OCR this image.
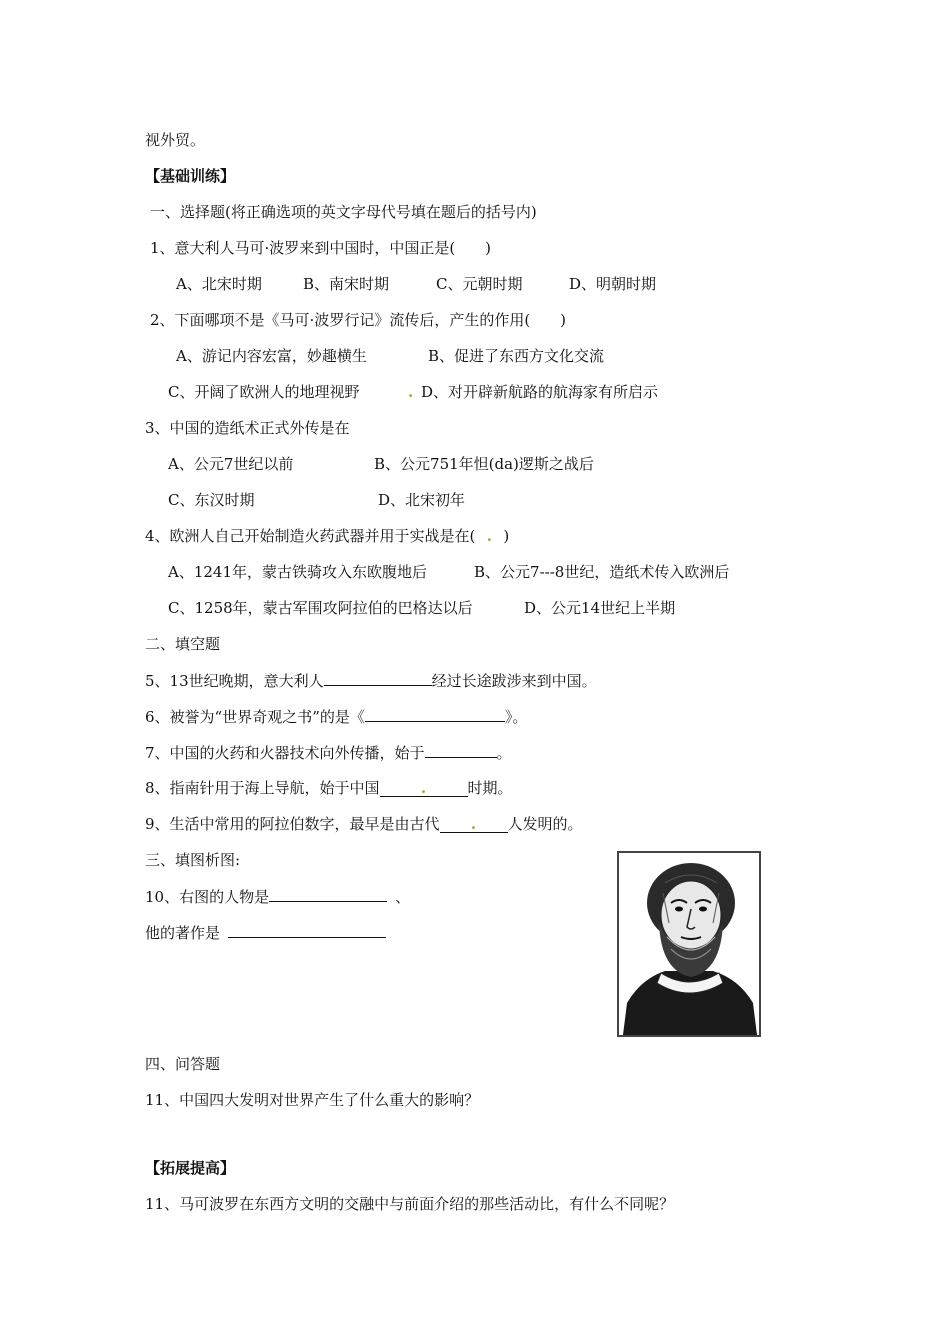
视外贸。
【基础训练】
一、选择题(将正确选项的英文字母代号填在题后的括号内)
1、意大利人马可·波罗来到中国时，中国正是(　　)
A、北宋时期	B、南宋时期	C、元朝时期	D、明朝时期
2、下面哪项不是《马可·波罗行记》流传后，产生的作用(　　)
A、游记内容宏富，妙趣横生	B、促进了东西方文化交流
C、开阔了欧洲人的地理视野	. D、对开辟新航路的航海家有所启示
3、中国的造纸术正式外传是在
A、公元7世纪以前	B、公元751年怛(da)逻斯之战后
C、东汉时期	D、北宋初年
4、欧洲人自己开始制造火药武器并用于实战是在( . )
A、1241年，蒙古铁骑攻入东欧腹地后	B、公元7---8世纪，造纸术传入欧洲后
C、1258年，蒙古军围攻阿拉伯的巴格达以后	D、公元14世纪上半期
二、填空题
5、13世纪晚期，意大利人	经过长途跋涉来到中国。
6、被誉为“世界奇观之书”的是《	》。
7、中国的火药和火器技术向外传播，始于	。
8、指南针用于海上导航，始于中国	.	时期。
9、生活中常用的阿拉伯数字，最早是由古代 . 人发明的。
三、填图析图:
10、右图的人物是	、
他的著作是
四、问答题
11、中国四大发明对世界产生了什么重大的影响？
【拓展提高】
11、马可波罗在东西方文明的交融中与前面介绍的那些活动比，有什么不同呢？
